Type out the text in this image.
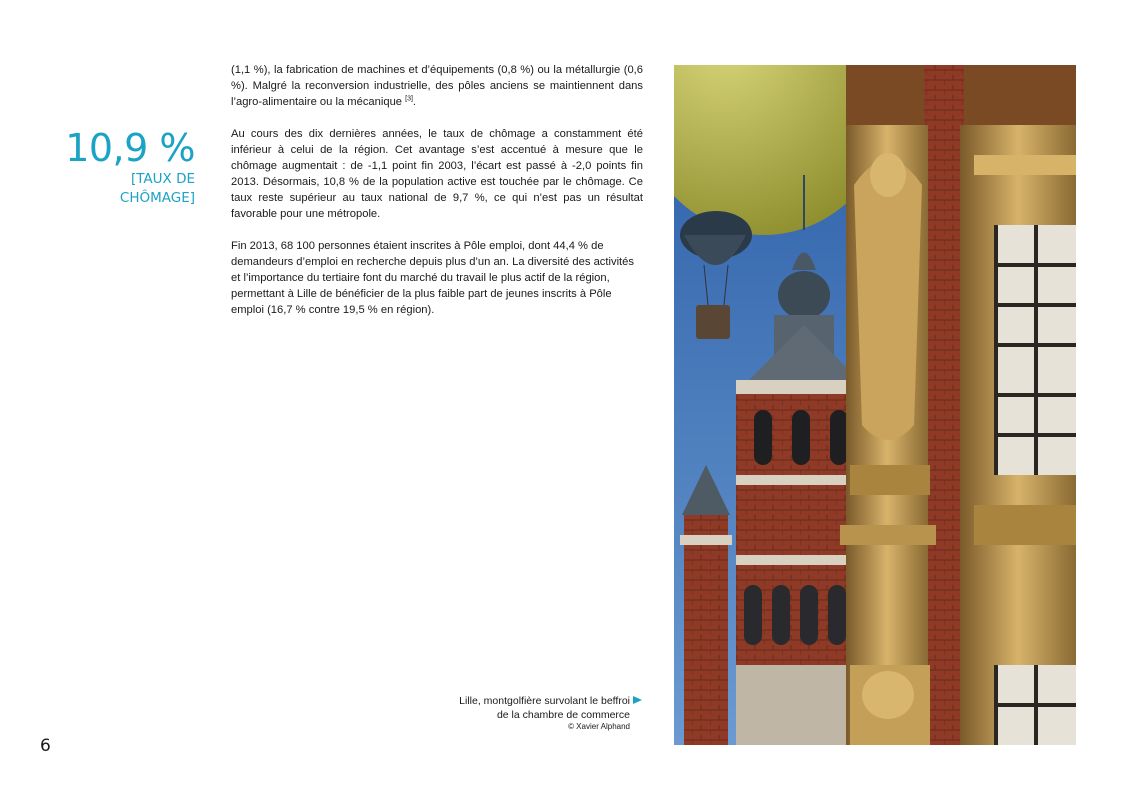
10,9 %
[TAUX DE
CHÔMAGE]

(1,1 %), la fabrication de machines et d’équipements (0,8 %) ou la métallurgie (0,6 %). Malgré la reconversion industrielle, des pôles anciens se maintiennent dans l’agro-alimentaire ou la mécanique [3].

Au cours des dix dernières années, le taux de chômage a constamment été inférieur à celui de la région. Cet avantage s’est accentué à mesure que le chômage augmentait : de -1,1 point fin 2003, l’écart est passé à -2,0 points fin 2013. Désormais, 10,8 % de la population active est touchée par le chômage. Ce taux reste supérieur au taux national de 9,7 %, ce qui n’est pas un résultat favorable pour une métropole.

Fin 2013, 68 100 personnes étaient inscrites à Pôle emploi, dont 44,4 % de demandeurs d’emploi en recherche depuis plus d’un an. La diversité des activités et l’importance du tertiaire font du marché du travail le plus actif de la région, permettant à Lille de bénéficier de la plus faible part de jeunes inscrits à Pôle emploi (16,7 % contre 19,5 % en région).

Lille, montgolfière survolant le beffroi
de la chambre de commerce
© Xavier Alphand
6
